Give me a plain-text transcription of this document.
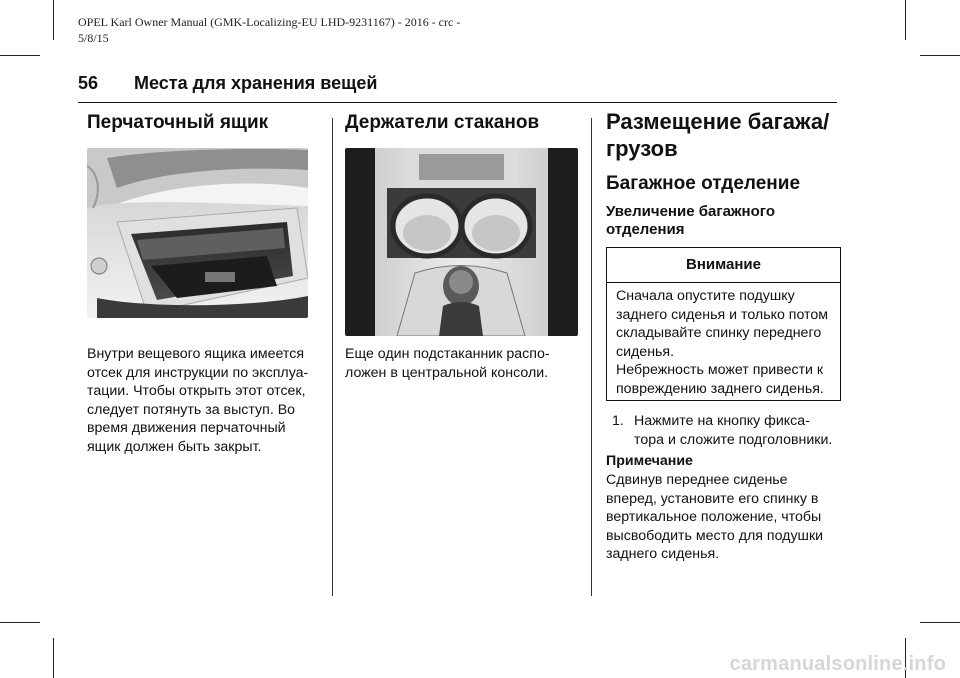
OPEL Karl Owner Manual (GMK-Localizing-EU LHD-9231167) - 2016 - crc -
5/8/15
56 Места для хранения вещей
Перчаточный ящик
Внутри вещевого ящика имеется
отсек для инструкции по эксплуа-
тации. Чтобы открыть этот отсек,
следует потянуть за выступ. Во
время движения перчаточный
ящик должен быть закрыт.
Держатели стаканов
Еще один подстаканник распо-
ложен в центральной консоли.
Размещение багажа/
грузов
Багажное отделение
Увеличение багажного
отделения
Внимание
Сначала опустите подушку
заднего сиденья и только потом
складывайте спинку переднего
сиденья.
Небрежность может привести к
повреждению заднего сиденья.
1. Нажмите на кнопку фикса-
тора и сложите подголовники.
Примечание
Сдвинув переднее сиденье
вперед, установите его спинку в
вертикальное положение, чтобы
высвободить место для подушки
заднего сиденья.
carmanualsonline.info
